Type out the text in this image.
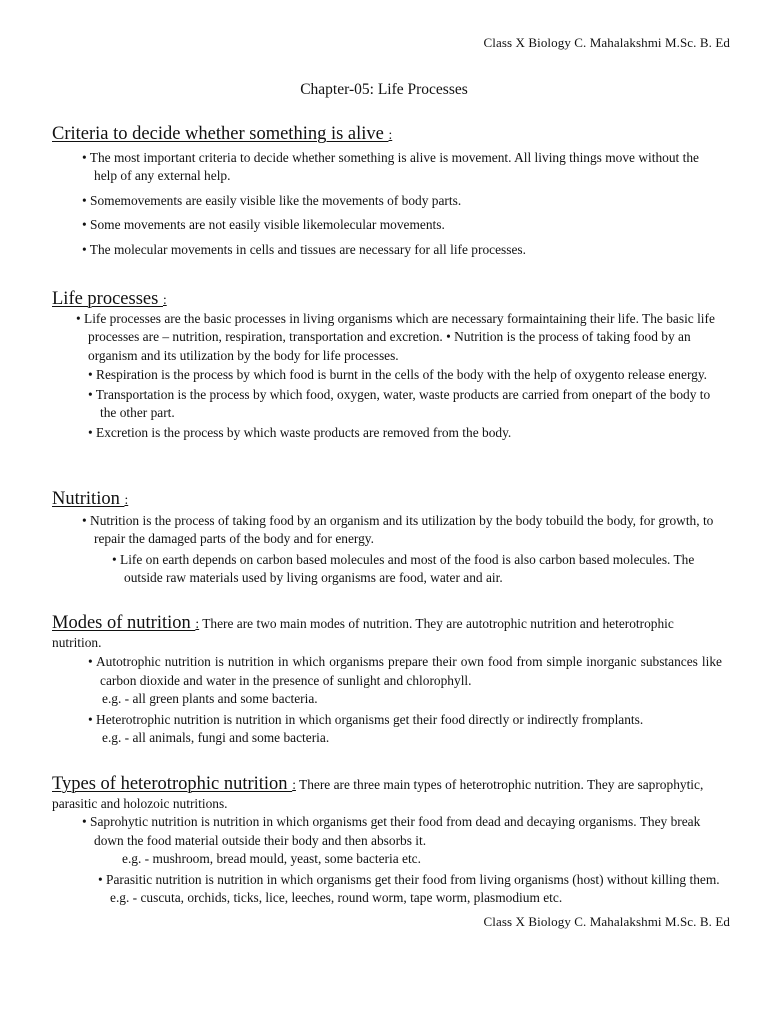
Class X Biology C. Mahalakshmi M.Sc. B. Ed
Chapter-05: Life Processes
Criteria to decide whether something is alive :

• The most important criteria to decide whether something is alive is movement. All living things move without the help of any external help.

• Somemovements are easily visible like the movements of body parts.

• Some movements are not easily visible likemolecular movements.

• The molecular movements in cells and tissues are necessary for all life processes.

Life processes :

• Life processes are the basic processes in living organisms which are necessary formaintaining their life. The basic life processes are – nutrition, respiration, transportation and excretion. • Nutrition is the process of taking food by an organism and its utilization by the body for life processes.

• Respiration is the process by which food is burnt in the cells of the body with the help of oxygento release energy.

• Transportation is the process by which food, oxygen, water, waste products are carried from onepart of the body to the other part.

• Excretion is the process by which waste products are removed from the body.

Nutrition :

• Nutrition is the process of taking food by an organism and its utilization by the body tobuild the body, for growth, to repair the damaged parts of the body and for energy.

• Life on earth depends on carbon based molecules and most of the food is also carbon based molecules. The outside raw materials used by living organisms are food, water and air.

Modes of nutrition : There are two main modes of nutrition. They are autotrophic nutrition and heterotrophic nutrition.

• Autotrophic nutrition is nutrition in which organisms prepare their own food from simple inorganic substances like carbon dioxide and water in the presence of sunlight and chlorophyll.

e.g. - all green plants and some bacteria.

• Heterotrophic nutrition is nutrition in which organisms get their food directly or indirectly fromplants.

e.g. - all animals, fungi and some bacteria.

Types of heterotrophic nutrition : There are three main types of heterotrophic nutrition. They are saprophytic, parasitic and holozoic nutritions.

• Saprohytic nutrition is nutrition in which organisms get their food from dead and decaying organisms. They break down the food material outside their body and then absorbs it.

e.g. - mushroom, bread mould, yeast, some bacteria etc.

• Parasitic nutrition is nutrition in which organisms get their food from living organisms (host) without killing them. e.g. - cuscuta, orchids, ticks, lice, leeches, round worm, tape worm, plasmodium etc.

Class X Biology C. Mahalakshmi M.Sc. B. Ed
